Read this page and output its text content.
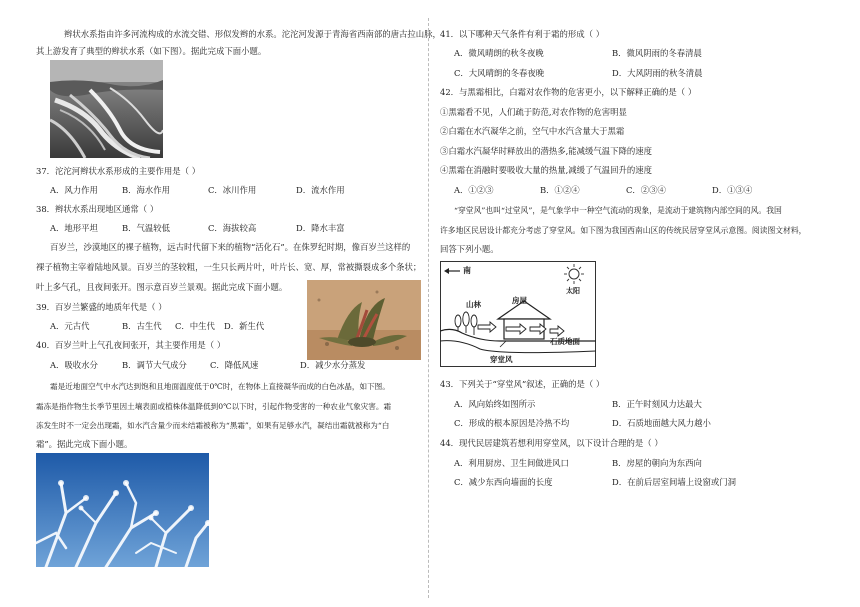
辫状水系指由许多河流构成的水流交错、形似发辫的水系。沱沱河发源于青海省西南部的唐古拉山脉，
其上游发育了典型的辫状水系（如下图）。据此完成下面小题。
37．沱沱河辫状水系形成的主要作用是（ ）
A．风力作用	B．海水作用	C．冰川作用	D．流水作用
38．辫状水系出现地区通常（ ）
A．地形平坦	B．气温较低	C．海拔较高	D．降水丰富
百岁兰，沙漠地区的裸子植物，远古时代留下来的植物“活化石”。在侏罗纪时期，像百岁兰这样的
裸子植物主宰着陆地风景。百岁兰的茎较粗，一生只长两片叶，叶片长、宽、厚，常被撕裂成多个条状；
叶上多气孔，且夜间张开。图示意百岁兰景观。据此完成下面小题。
39．百岁兰繁盛的地质年代是（ ）
A．元古代	B．古生代 C．中生代 D．新生代
40．百岁兰叶上气孔夜间张开，其主要作用是（ ）
A．吸收水分	B．调节大气成分	C．降低风速	D．减少水分蒸发
霜是近地面空气中水汽达到饱和且地面温度低于0℃时，在物体上直接凝华而成的白色冰晶，如下图。
霜冻是指作物生长季节里因土壤表面或植株体温降低到0℃以下时，引起作物受害的一种农业气象灾害。霜
冻发生时不一定会出现霜，如水汽含量少而未结霜被称为“黑霜”，如果有足够水汽，凝结出霜就被称为“白
霜”。据此完成下面小题。
41．以下哪种天气条件有利于霜的形成（ ）
A．微风晴朗的秋冬夜晚	B．微风阴雨的冬春清晨
C．大风晴朗的冬春夜晚	D．大风阴雨的秋冬清晨
42．与黑霜相比，白霜对农作物的危害更小，以下解释正确的是（ ）
①黑霜看不见，人们疏于防范,对农作物的危害明显
②白霜在水汽凝华之前，空气中水汽含量大于黑霜
③白霜水汽凝华时释放出的潜热多,能减缓气温下降的速度
④黑霜在消融时要吸收大量的热量,减缓了气温回升的速度
A．①②③	B．①②④	C．②③④	D．①③④
“穿堂风”也叫“过堂风”，是气象学中一种空气流动的现象，是流动于建筑物内部空间的风。我国
许多地区民居设计都充分考虑了穿堂风。如下图为我国西南山区的传统民居穿堂风示意图。阅读图文材料，
回答下列小题。
南
太阳
山林	房屋
石质地面
穿堂风
43．下列关于“穿堂风”叙述，正确的是（ ）
A．风向始终如图所示	B．正午时刻风力达最大
C．形成的根本原因是冷热不均	D．石质地面越大风力越小
44．现代民居建筑若想利用穿堂风，以下设计合理的是（ ）
A．利用厨房、卫生间做进风口	B．房屋的朝向为东西向
C．减少东西向墙面的长度	D．在前后居室间墙上设窗或门洞
